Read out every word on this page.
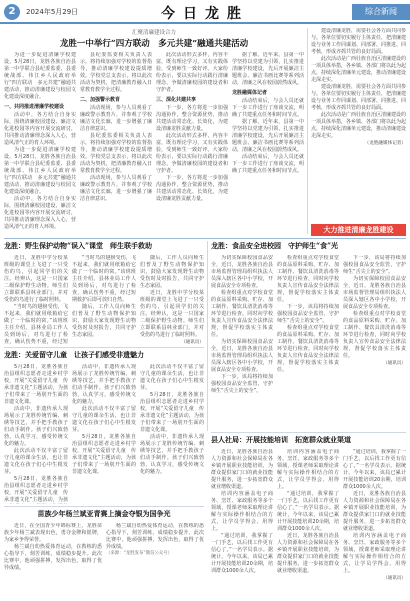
2	2024年5月29日	今日龙胜	综合新闻
汇聚清廉建设合力
龙胜一中举行“四方联动　多元共建”融通共建活动

为进一步促进清廉学校建设，5月28日，龙胜各族自治县第一中学联合县纪委监委、县委统战部、伟江乡人民政府举行“四方联动　多元共建”融通共建活动，推动清廉建设与校园文化建设深度融合。

一、共同推进清廉学校建设

活动中，各方结合自身实际，围绕清廉校园建设、廉洁文化进校园等内容开展交流研讨，共同推动清廉理念深入人心，营造风清气正的育人环境。

为进一步促进清廉学校建设，5月28日，龙胜各族自治县第一中学联合县纪委监委、县委统战部、伟江乡人民政府举行“四方联动　多元共建”融通共建活动，推动清廉建设与校园文化建设深度融合。

活动中，各方结合自身实际，围绕清廉校园建设、廉洁文化进校园等内容开展交流研讨，共同推动清廉理念深入人心，营造风清气正的育人环境。

县纪委监委相关负责人表示，将持续加强对学校的监督指导，推动清廉学校建设提质增效。学校党总支表示，将以此次活动为契机，把清廉教育融入日常教育教学全过程。

二、加强警示教育

活动现场，参与人员观看了廉政警示教育片，并参观了学校廉洁文化长廊，进一步增强了廉洁自律意识。

县纪委监委相关负责人表示，将持续加强对学校的监督指导，推动清廉学校建设提质增效。学校党总支表示，将以此次活动为契机，把清廉教育融入日常教育教学全过程。

活动现场，参与人员观看了廉政警示教育片，并参观了学校廉洁文化长廊，进一步增强了廉洁自律意识。

此次活动形式多样，内容丰富，既有理论学习，又有实践体验，受到师生一致好评。大家纷纷表示，要以实际行动践行清廉理念，争做清廉校园的建设者和守护者。

三、深化共建共享

下一步，各方将进一步加强沟通协作，整合资源优势，推动共建活动常态化、长效化，为建设清廉龙胜贡献力量。

此次活动形式多样，内容丰富，既有理论学习，又有实践体验，受到师生一致好评。大家纷纷表示，要以实际行动践行清廉理念，争做清廉校园的建设者和守护者。

下一步，各方将进一步加强沟通协作，整合资源优势，推动共建活动常态化、长效化，为建设清廉龙胜贡献力量。

据了解，近年来，县第一中学坚持以党建为引领，扎实推进清廉学校建设，先后开展廉洁主题班会、廉洁书画比赛等系列活动，清廉之风在校园蔚然成风。

龙胜融媒体记者

活动结束后，与会人员还就下一步工作进行了座谈交流，明确了共建重点任务和时间节点。

据了解，近年来，县第一中学坚持以党建为引领，扎实推进清廉学校建设，先后开展廉洁主题班会、廉洁书画比赛等系列活动，清廉之风在校园蔚然成风。

活动结束后，与会人员还就下一步工作进行了座谈交流，明确了共建重点任务和时间节点。

建设清廉龙胜，需要社会各方面共同参与。各单位要切实履行主体责任，把清廉建设与业务工作同谋划、同部署、同推进、同考核，形成齐抓共管的良好局面。

此次活动是广西壮族自治区清廉建设的一项具体举措，各乡镇、各部门将以此为起点，持续深化清廉单元建设，推动清廉建设走深走实。

建设清廉龙胜，需要社会各方面共同参与。各单位要切实履行主体责任，把清廉建设与业务工作同谋划、同部署、同推进、同考核，形成齐抓共管的良好局面。

此次活动是广西壮族自治区清廉建设的一项具体举措，各乡镇、各部门将以此为起点，持续深化清廉单元建设，推动清廉建设走深走实。

（龙胜融媒体记者）

大力推进清廉龙胜建设
龙胜：野生保护动物“误入”课堂　师生联手救助

近日，龙胜中学分校某班级的课堂上飞进了一只受伤的鸟，引起同学们的关注。经辨认，这是一只国家二级保护野生动物。师生们立即联系县林业部门，并对受伤的鸟进行了临时照料。

“当时鸟的翅膀受伤，飞不起来，我们就用纸箱给它做了一个临时的窝。”该班班主任介绍。县林业局工作人员到场后，对鸟进行了检查，确认伤势不重，经过短

“当时鸟的翅膀受伤，飞不起来，我们就用纸箱给它做了一个临时的窝。”该班班主任介绍。县林业局工作人员到场后，对鸟进行了检查，确认伤势不重，经过短期救护后即可放归自然。

随后，工作人员向师生们普及了野生动物保护知识，鼓励大家发现野生动物受伤时及时报告，共同守护生态家园。

随后，工作人员向师生们普及了野生动物保护知识，鼓励大家发现野生动物受伤时及时报告，共同守护生态家园。

近日，龙胜中学分校某班级的课堂上飞进了一只受伤的鸟，引起同学们的关注。经辨认，这是一只国家二级保护野生动物。师生们立即联系县林业部门，并对受伤的鸟进行了临时照料。

（通讯员）

龙胜：食品安全进校园　守护师生“食”光

为切实保障校园食品安全，近日，龙胜各族自治县市场监督管理局组织执法人员深入辖区各中小学校，开展食品安全专项检查。

检查组重点对学校食堂的食品原料采购、贮存、加工制作、餐饮具清洗消毒等环节进行检查，同时向学校负责人宣传食品安全法律法规，督促学校落实主体责任。

为切实保障校园食品安全，近日，龙胜各族自治县市场监督管理局组织执法人员深入辖区各中小学校，开展食品安全专项检查。

下一步，该局将持续加强校园食品安全监管，守护师生“舌尖上的安全”。

检查组重点对学校食堂的食品原料采购、贮存、加工制作、餐饮具清洗消毒等环节进行检查，同时向学校负责人宣传食品安全法律法规，督促学校落实主体责任。

下一步，该局将持续加强校园食品安全监管，守护师生“舌尖上的安全”。

检查组重点对学校食堂的食品原料采购、贮存、加工制作、餐饮具清洗消毒等环节进行检查，同时向学校负责人宣传食品安全法律法规，督促学校落实主体责任。

下一步，该局将持续加强校园食品安全监管，守护师生“舌尖上的安全”。

为切实保障校园食品安全，近日，龙胜各族自治县市场监督管理局组织执法人员深入辖区各中小学校，开展食品安全专项检查。

检查组重点对学校食堂的食品原料采购、贮存、加工制作、餐饮具清洗消毒等环节进行检查，同时向学校负责人宣传食品安全法律法规，督促学校落实主体责任。

（通讯员）

龙胜：关爱留守儿童　让孩子们感受非遗魅力

5月28日，龙胜各族自治县组织志愿者走进乡村学校，开展“关爱留守儿童　传承非遗文化”主题活动，为孩子们带来了一场别开生面的非遗文化课。

活动中，非遗传承人现场展示了龙胜传统竹编、刺绣等技艺，并手把手教孩子们动手制作。孩子们兴致勃勃，认真学习，感受传统文化的魅力。

此次活动不仅丰富了留守儿童的课余生活，也让非遗文化在孩子们心中生根发芽。

5月28日，龙胜各族自治县组织志愿者走进乡村学校，开展“关爱留守儿童　传承非遗文化”主题活动，为孩

活动中，非遗传承人现场展示了龙胜传统竹编、刺绣等技艺，并手把手教孩子们动手制作。孩子们兴致勃勃，认真学习，感受传统文化的魅力。

此次活动不仅丰富了留守儿童的课余生活，也让非遗文化在孩子们心中生根发芽。

5月28日，龙胜各族自治县组织志愿者走进乡村学校，开展“关爱留守儿童　传承非遗文化”主题活动，为孩子们带来了一场别开生面的非遗文化课。

此次活动不仅丰富了留守儿童的课余生活，也让非遗文化在孩子们心中生根发芽。

5月28日，龙胜各族自治县组织志愿者走进乡村学校，开展“关爱留守儿童　传承非遗文化”主题活动，为孩子们带来了一场别开生面的非遗文化课。

活动中，非遗传承人现场展示了龙胜传统竹编、刺绣等技艺，并手把手教孩子们动手制作。孩子们兴致勃勃，认真学习，感受传统文化的魅力。

县人社局：开展技能培训　拓宽群众就业渠道

近日，龙胜各族自治县人力资源和社会保障局在各乡镇开展职业技能培训，为群众提供家门口的就业技能提升服务，进一步拓宽群众就业增收渠道。

培训内容涵盖电子商务、烹饪、家政服务等多个领域，授课老师采取理论讲解与实际操作相结合的方式，让学员学得会、用得上。

“通过培训，我掌握了一门手艺，以后找工作更有信心了。”一名学员表示。据统计，今年以来，该局已累计开展技能培训20余期，培训群众1000余人次。

培训内容涵盖电子商务、烹饪、家政服务等多个领域，授课老师采取理论讲解与实际操作相结合的方式，让学员学得会、用得上。

“通过培训，我掌握了一门手艺，以后找工作更有信心了。”一名学员表示。据统计，今年以来，该局已累计开展技能培训20余期，培训群众1000余人次。

近日，龙胜各族自治县人力资源和社会保障局在各乡镇开展职业技能培训，为群众提供家门口的就业技能提升服务，进一步拓宽群众就业增收渠道。

“通过培训，我掌握了一门手艺，以后找工作更有信心了。”一名学员表示。据统计，今年以来，该局已累计开展技能培训20余期，培训群众1000余人次。

近日，龙胜各族自治县人力资源和社会保障局在各乡镇开展职业技能培训，为群众提供家门口的就业技能提升服务，进一步拓宽群众就业增收渠道。

培训内容涵盖电子商务、烹饪、家政服务等多个领域，授课老师采取理论讲解与实际操作相结合的方式，让学员学得会、用得上。

（通讯员）

苗族少年杨兰斌亚青赛上摘金夺银为国争光

近日，在全国青少年锦标赛上，龙胜苗族少年杨兰斌表现出色，勇夺金牌和银牌，为家乡争得荣誉。

杨兰斌自幼热爱体育运动，在教练的悉心指导下，刻苦训练，成绩稳步提升。此次比赛中，他顽强拼搏，发挥出色，取得了优异成绩。

杨兰斌自幼热爱体育运动，在教练的悉心指导下，刻苦训练，成绩稳步提升。此次比赛中，他顽强拼搏，发挥出色，取得了优异成绩。

（来源：“龙胜发布”微信公众号）
